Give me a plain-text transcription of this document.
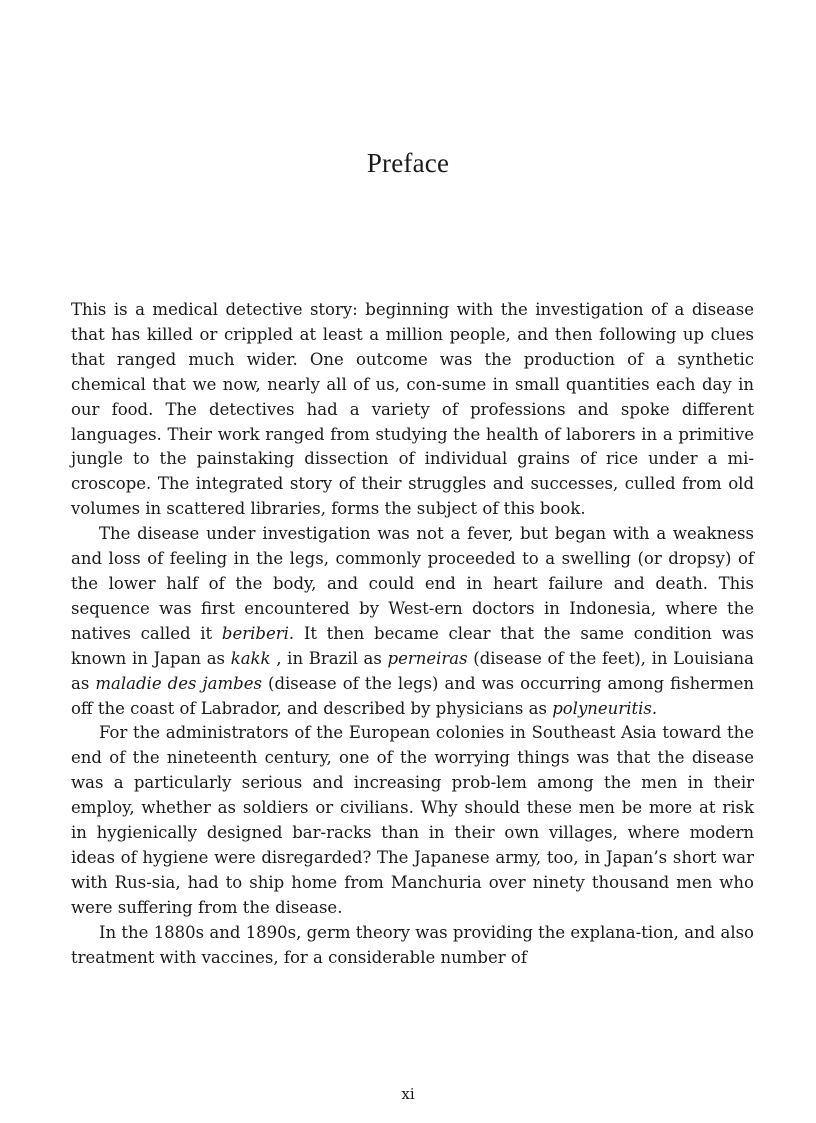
Preface

This is a medical detective story: beginning with the investigation of a disease that has killed or crippled at least a million people, and then following up clues that ranged much wider. One outcome was the production of a synthetic chemical that we now, nearly all of us, con-sume in small quantities each day in our food. The detectives had a variety of professions and spoke different languages. Their work ranged from studying the health of laborers in a primitive jungle to the painstaking dissection of individual grains of rice under a mi-croscope. The integrated story of their struggles and successes, culled from old volumes in scattered libraries, forms the subject of this book.

The disease under investigation was not a fever, but began with a weakness and loss of feeling in the legs, commonly proceeded to a swelling (or dropsy) of the lower half of the body, and could end in heart failure and death. This sequence was first encountered by West-ern doctors in Indonesia, where the natives called it beriberi. It then became clear that the same condition was known in Japan as kakk , in Brazil as perneiras (disease of the feet), in Louisiana as maladie des jambes (disease of the legs) and was occurring among fishermen off the coast of Labrador, and described by physicians as polyneuritis.

For the administrators of the European colonies in Southeast Asia toward the end of the nineteenth century, one of the worrying things was that the disease was a particularly serious and increasing prob-lem among the men in their employ, whether as soldiers or civilians. Why should these men be more at risk in hygienically designed bar-racks than in their own villages, where modern ideas of hygiene were disregarded? The Japanese army, too, in Japan’s short war with Rus-sia, had to ship home from Manchuria over ninety thousand men who were suffering from the disease.

In the 1880s and 1890s, germ theory was providing the explana-tion, and also treatment with vaccines, for a considerable number of

xi
